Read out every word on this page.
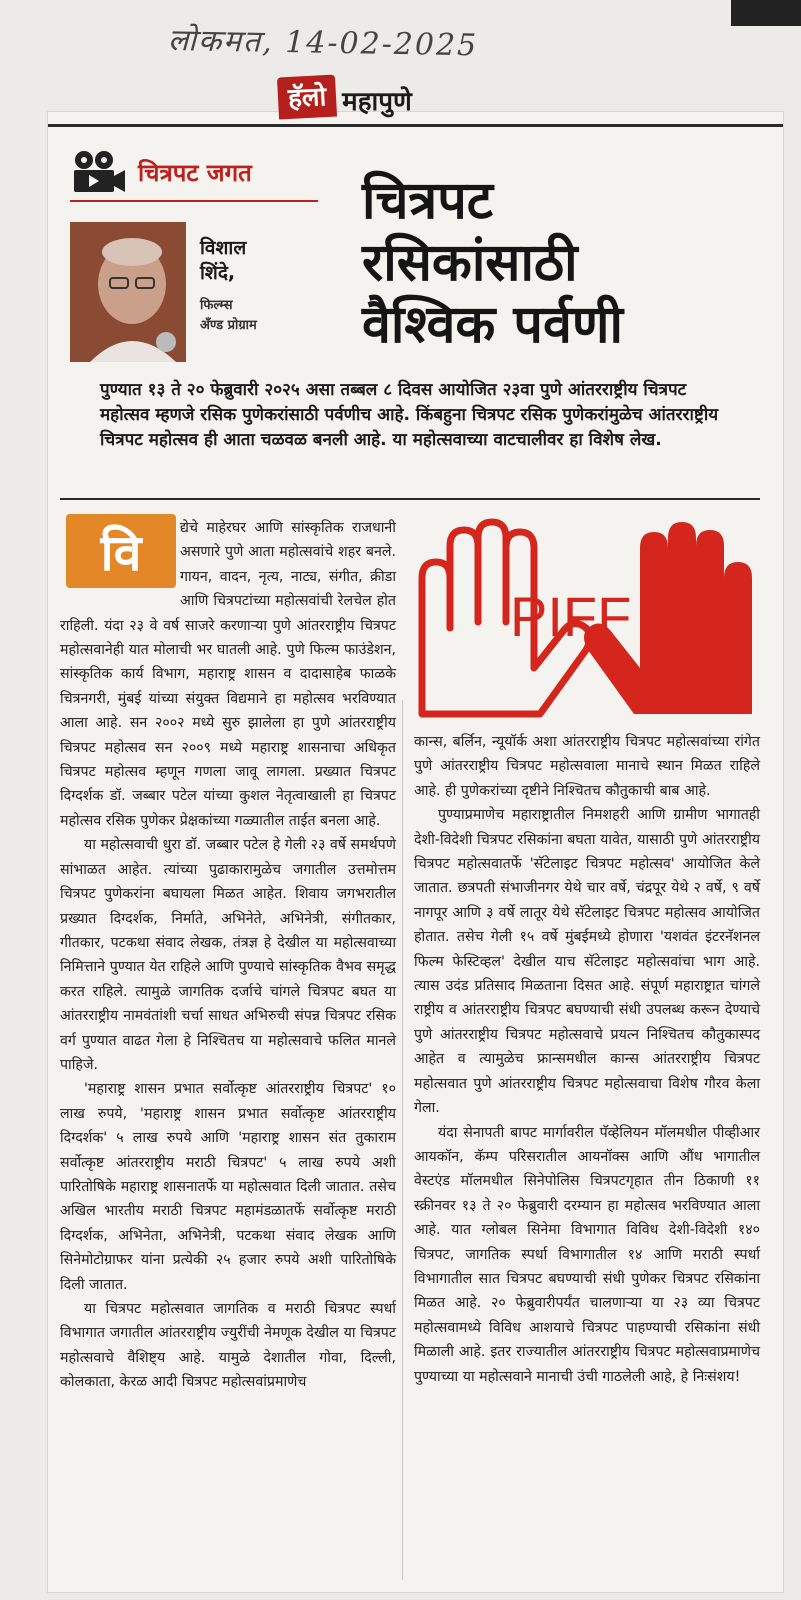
लोकमत, 14-02-2025
हॅलो महापुणे
चित्रपट जगत
विशाल
शिंदे,
फिल्म्स
अँण्ड प्रोग्राम
चित्रपट
रसिकांसाठी
वैश्विक पर्वणी
पुण्यात १३ ते २० फेब्रुवारी २०२५ असा तब्बल ८ दिवस आयोजित २३वा पुणे आंतरराष्ट्रीय चित्रपट महोत्सव म्हणजे रसिक पुणेकरांसाठी पर्वणीच आहे. किंबहुना चित्रपट रसिक पुणेकरांमुळेच आंतरराष्ट्रीय चित्रपट महोत्सव ही आता चळवळ बनली आहे. या महोत्सवाच्या वाटचालीवर हा विशेष लेख.
वि	द्येचे माहेरघर आणि सांस्कृतिक राजधानी असणारे पुणे आता महोत्सवांचे शहर बनले. गायन, वादन, नृत्य, नाट्य, संगीत, क्रीडा आणि चित्रपटांच्या महोत्सवांची रेलचेल होत राहिली. यंदा २३ वे वर्ष साजरे करणाऱ्या पुणे आंतरराष्ट्रीय चित्रपट महोत्सवानेही यात मोलाची भर घातली आहे. पुणे फिल्म फाउंडेशन, सांस्कृतिक कार्य विभाग, महाराष्ट्र शासन व दादासाहेब फाळके चित्रनगरी, मुंबई यांच्या संयुक्त विद्यमाने हा महोत्सव भरविण्यात आला आहे. सन २००२ मध्ये सुरु झालेला हा पुणे आंतरराष्ट्रीय चित्रपट महोत्सव सन २००९ मध्ये महाराष्ट्र शासनाचा अधिकृत चित्रपट महोत्सव म्हणून गणला जावू लागला. प्रख्यात चित्रपट दिग्दर्शक डॉ. जब्बार पटेल यांच्या कुशल नेतृत्वाखाली हा चित्रपट महोत्सव रसिक पुणेकर प्रेक्षकांच्या गळ्यातील ताईत बनला आहे.

या महोत्सवाची धुरा डॉ. जब्बार पटेल हे गेली २३ वर्षे समर्थपणे सांभाळत आहेत. त्यांच्या पुढाकारामुळेच जगातील उत्तमोत्तम चित्रपट पुणेकरांना बघायला मिळत आहेत. शिवाय जगभरातील प्रख्यात दिग्दर्शक, निर्माते, अभिनेते, अभिनेत्री, संगीतकार, गीतकार, पटकथा संवाद लेखक, तंत्रज्ञ हे देखील या महोत्सवाच्या निमित्ताने पुण्यात येत राहिले आणि पुण्याचे सांस्कृतिक वैभव समृद्ध करत राहिले. त्यामुळे जागतिक दर्जाचे चांगले चित्रपट बघत या आंतरराष्ट्रीय नामवंतांशी चर्चा साधत अभिरुची संपन्न चित्रपट रसिक वर्ग पुण्यात वाढत गेला हे निश्चितच या महोत्सवाचे फलित मानले पाहिजे.

'महाराष्ट्र शासन प्रभात सर्वोत्कृष्ट आंतरराष्ट्रीय चित्रपट' १० लाख रुपये, 'महाराष्ट्र शासन प्रभात सर्वोत्कृष्ट आंतरराष्ट्रीय दिग्दर्शक' ५ लाख रुपये आणि 'महाराष्ट्र शासन संत तुकाराम सर्वोत्कृष्ट आंतरराष्ट्रीय मराठी चित्रपट' ५ लाख रुपये अशी पारितोषिके महाराष्ट्र शासनातर्फे या महोत्सवात दिली जातात. तसेच अखिल भारतीय मराठी चित्रपट महामंडळातर्फे सर्वोत्कृष्ट मराठी दिग्दर्शक, अभिनेता, अभिनेत्री, पटकथा संवाद लेखक आणि सिनेमोटोग्राफर यांना प्रत्येकी २५ हजार रुपये अशी पारितोषिके दिली जातात.

या चित्रपट महोत्सवात जागतिक व मराठी चित्रपट स्पर्धा विभागात जगातील आंतरराष्ट्रीय ज्युरींची नेमणूक देखील या चित्रपट महोत्सवाचे वैशिष्ट्य आहे. यामुळे देशातील गोवा, दिल्ली, कोलकाता, केरळ आदी चित्रपट महोत्सवांप्रमाणेच

PIFF

कान्स, बर्लिन, न्यूयॉर्क अशा आंतरराष्ट्रीय चित्रपट महोत्सवांच्या रांगेत पुणे आंतरराष्ट्रीय चित्रपट महोत्सवाला मानाचे स्थान मिळत राहिले आहे. ही पुणेकरांच्या दृष्टीने निश्चितच कौतुकाची बाब आहे.

पुण्याप्रमाणेच महाराष्ट्रातील निमशहरी आणि ग्रामीण भागातही देशी-विदेशी चित्रपट रसिकांना बघता यावेत, यासाठी पुणे आंतरराष्ट्रीय चित्रपट महोत्सवातर्फे 'सॅटेलाइट चित्रपट महोत्सव' आयोजित केले जातात. छत्रपती संभाजीनगर येथे चार वर्षे, चंद्रपूर येथे २ वर्षे, ९ वर्षे नागपूर आणि ३ वर्षे लातूर येथे सॅटेलाइट चित्रपट महोत्सव आयोजित होतात. तसेच गेली १५ वर्षे मुंबईमध्ये होणारा 'यशवंत इंटरनॅशनल फिल्म फेस्टिव्हल' देखील याच सॅटेलाइट महोत्सवांचा भाग आहे. त्यास उदंड प्रतिसाद मिळताना दिसत आहे. संपूर्ण महाराष्ट्रात चांगले राष्ट्रीय व आंतरराष्ट्रीय चित्रपट बघण्याची संधी उपलब्ध करून देण्याचे पुणे आंतरराष्ट्रीय चित्रपट महोत्सवाचे प्रयत्न निश्चितच कौतुकास्पद आहेत व त्यामुळेच फ्रान्समधील कान्स आंतरराष्ट्रीय चित्रपट महोत्सवात पुणे आंतरराष्ट्रीय चित्रपट महोत्सवाचा विशेष गौरव केला गेला.

यंदा सेनापती बापट मार्गावरील पॅव्हेलियन मॉलमधील पीव्हीआर आयकॉन, कॅम्प परिसरातील आयनॉक्स आणि औंध भागातील वेस्टएंड मॉलमधील सिनेपोलिस चित्रपटगृहात तीन ठिकाणी ११ स्क्रीनवर १३ ते २० फेब्रुवारी दरम्यान हा महोत्सव भरविण्यात आला आहे. यात ग्लोबल सिनेमा विभागात विविध देशी-विदेशी १४० चित्रपट, जागतिक स्पर्धा विभागातील १४ आणि मराठी स्पर्धा विभागातील सात चित्रपट बघण्याची संधी पुणेकर चित्रपट रसिकांना मिळत आहे. २० फेब्रुवारीपर्यंत चालणाऱ्या या २३ व्या चित्रपट महोत्सवामध्ये विविध आशयाचे चित्रपट पाहण्याची रसिकांना संधी मिळाली आहे. इतर राज्यातील आंतरराष्ट्रीय चित्रपट महोत्सवाप्रमाणेच पुण्याच्या या महोत्सवाने मानाची उंची गाठलेली आहे, हे निःसंशय!
